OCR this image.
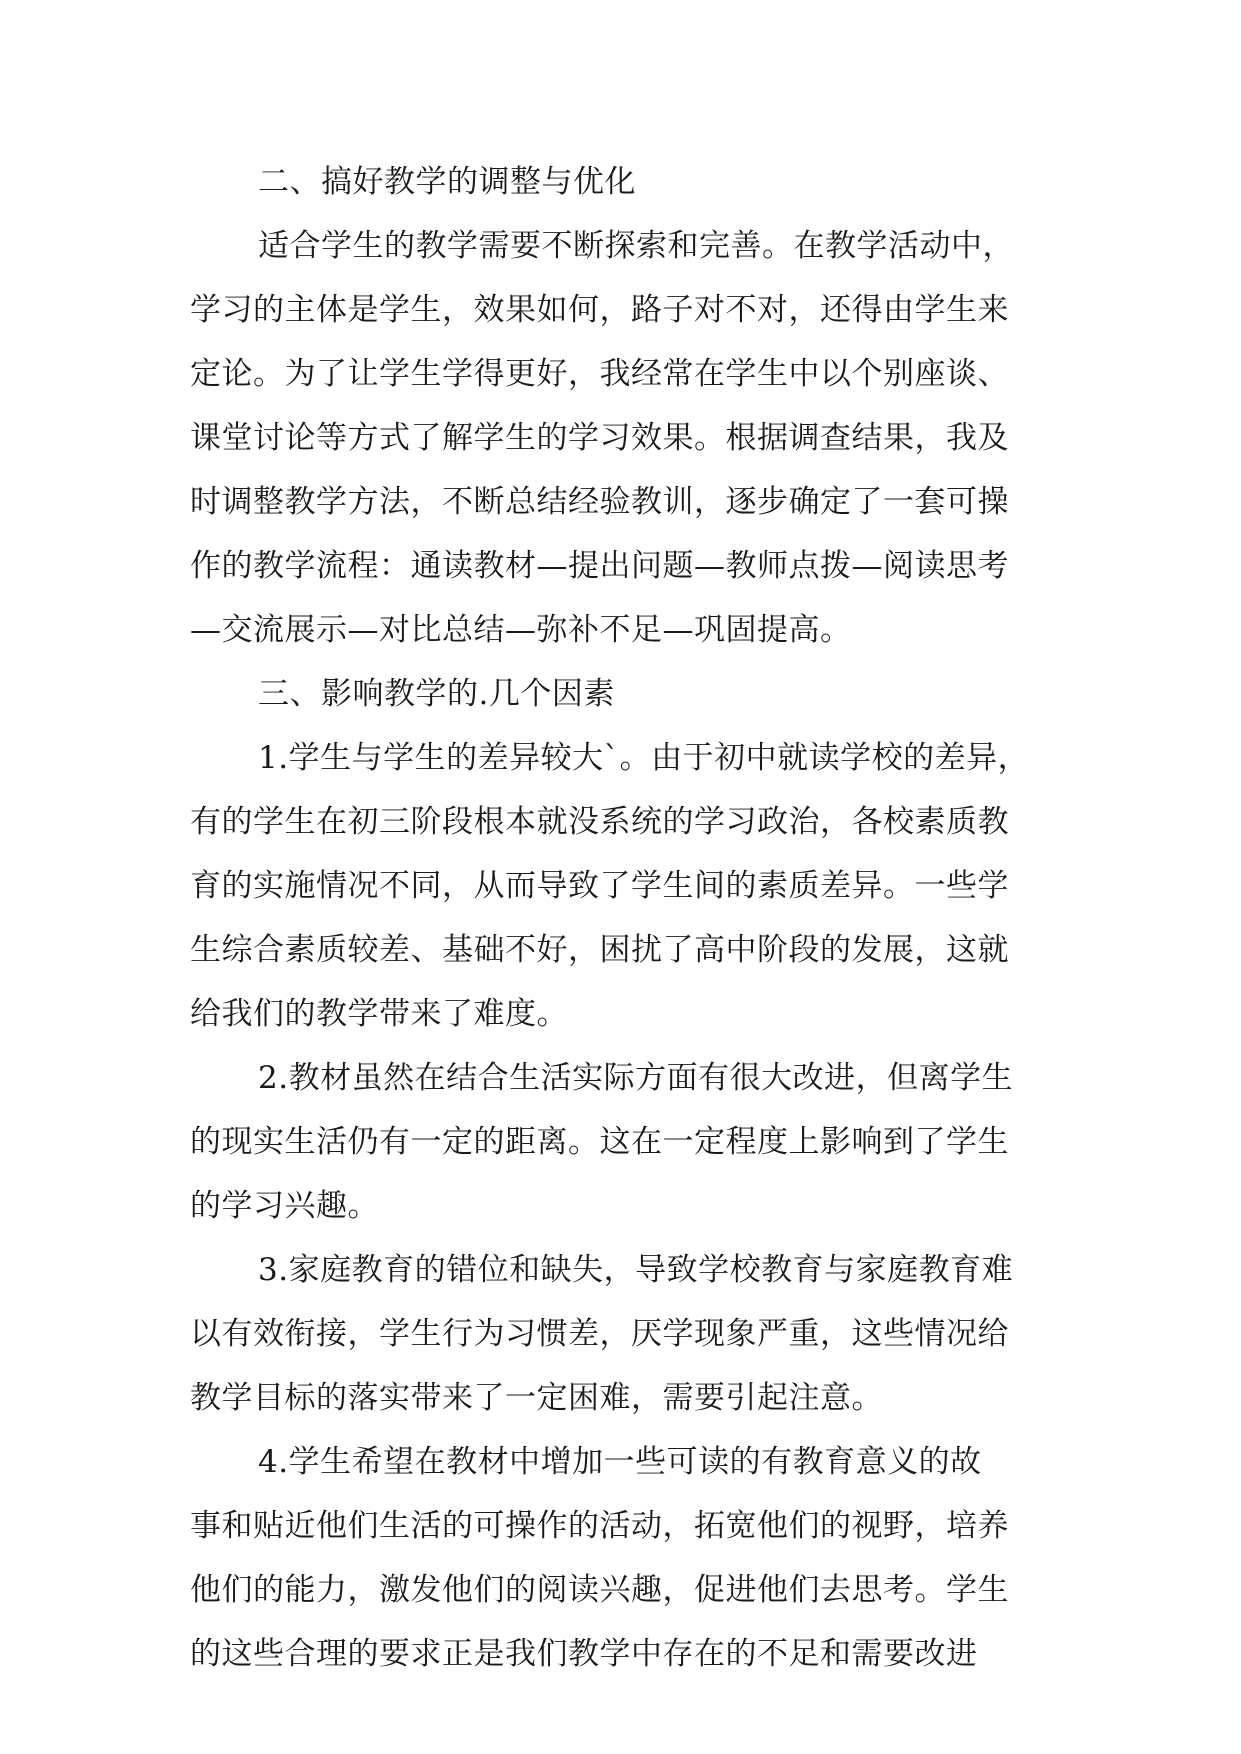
二、搞好教学的调整与优化
适合学生的教学需要不断探索和完善。在教学活动中，
学习的主体是学生，效果如何，路子对不对，还得由学生来
定论。为了让学生学得更好，我经常在学生中以个别座谈、
课堂讨论等方式了解学生的学习效果。根据调查结果，我及
时调整教学方法，不断总结经验教训，逐步确定了一套可操
作的教学流程：通读教材—提出问题—教师点拨—阅读思考
—交流展示—对比总结—弥补不足—巩固提高。
三、影响教学的.几个因素
1.学生与学生的差异较大`。由于初中就读学校的差异，
有的学生在初三阶段根本就没系统的学习政治，各校素质教
育的实施情况不同，从而导致了学生间的素质差异。一些学
生综合素质较差、基础不好，困扰了高中阶段的发展，这就
给我们的教学带来了难度。
2.教材虽然在结合生活实际方面有很大改进，但离学生
的现实生活仍有一定的距离。这在一定程度上影响到了学生
的学习兴趣。
3.家庭教育的错位和缺失，导致学校教育与家庭教育难
以有效衔接，学生行为习惯差，厌学现象严重，这些情况给
教学目标的落实带来了一定困难，需要引起注意。
4.学生希望在教材中增加一些可读的有教育意义的故
事和贴近他们生活的可操作的活动，拓宽他们的视野，培养
他们的能力，激发他们的阅读兴趣，促进他们去思考。学生
的这些合理的要求正是我们教学中存在的不足和需要改进
